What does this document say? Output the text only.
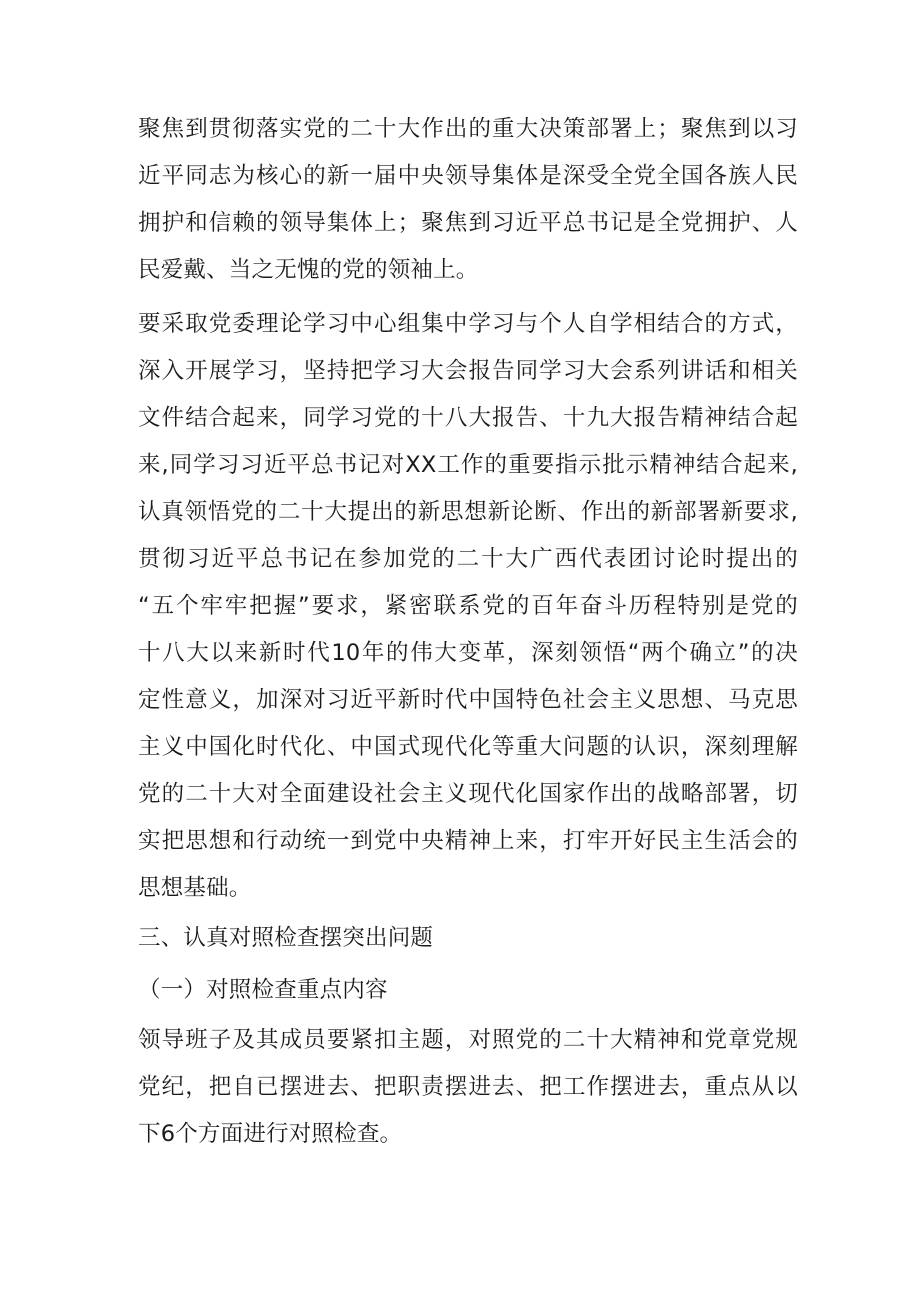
聚焦到贯彻落实党的二十大作出的重大决策部署上；聚焦到以习
近平同志为核心的新一届中央领导集体是深受全党全国各族人民
拥护和信赖的领导集体上；聚焦到习近平总书记是全党拥护、人
民爱戴、当之无愧的党的领袖上。
要采取党委理论学习中心组集中学习与个人自学相结合的方式，
深入开展学习，坚持把学习大会报告同学习大会系列讲话和相关
文件结合起来，同学习党的十八大报告、十九大报告精神结合起
来,同学习习近平总书记对XX工作的重要指示批示精神结合起来,
认真领悟党的二十大提出的新思想新论断、作出的新部署新要求,
贯彻习近平总书记在参加党的二十大广西代表团讨论时提出的
“五个牢牢把握”要求，紧密联系党的百年奋斗历程特别是党的
十八大以来新时代10年的伟大变革，深刻领悟“两个确立”的决
定性意义，加深对习近平新时代中国特色社会主义思想、马克思
主义中国化时代化、中国式现代化等重大问题的认识，深刻理解
党的二十大对全面建设社会主义现代化国家作出的战略部署，切
实把思想和行动统一到党中央精神上来，打牢开好民主生活会的
思想基础。
三、认真对照检查摆突出问题
（一）对照检查重点内容
领导班子及其成员要紧扣主题，对照党的二十大精神和党章党规
党纪，把自已摆进去、把职责摆进去、把工作摆进去，重点从以
下6个方面进行对照检查。
